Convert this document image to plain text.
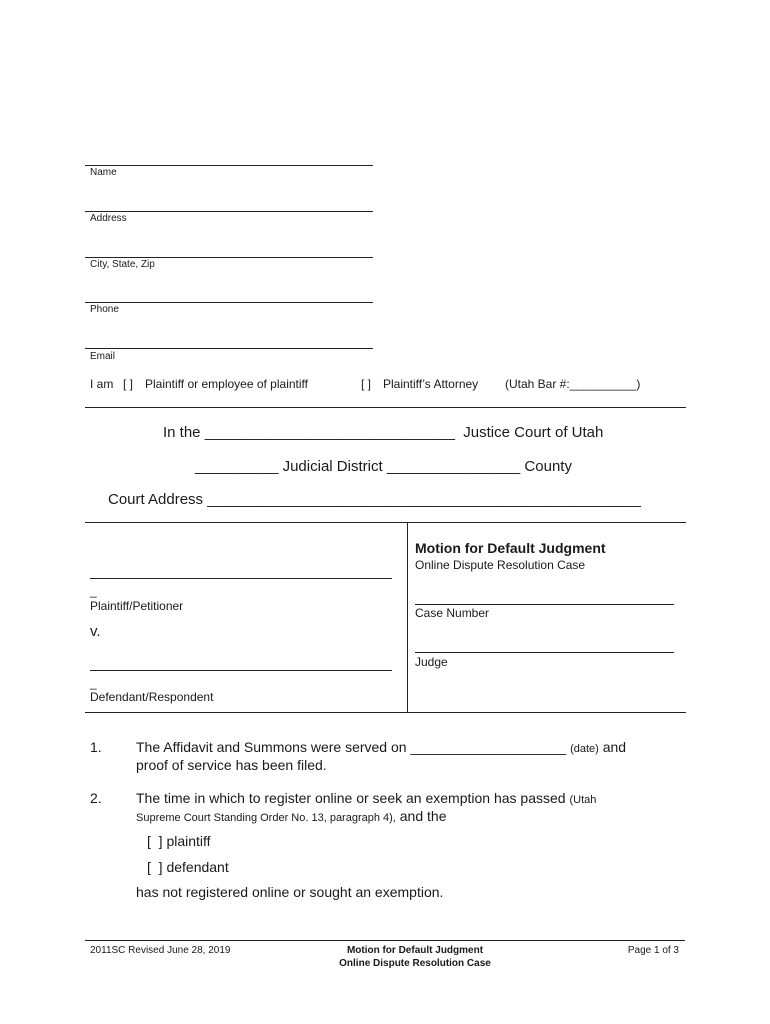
Name
Address
City, State, Zip
Phone
Email
I am [ ] Plaintiff or employee of plaintiff	[ ] Plaintiff’s Attorney (Utah Bar #:__________)
In the ______________________________  Justice Court of Utah
__________ Judicial District ________________ County
Court Address ____________________________________________________
_
Plaintiff/Petitioner
v.
_
Defendant/Respondent
Motion for Default Judgment
Online Dispute Resolution Case
Case Number
Judge
1. The Affidavit and Summons were served on ____________________ (date) and
proof of service has been filed.
2. The time in which to register online or seek an exemption has passed (Utah
Supreme Court Standing Order No. 13, paragraph 4), and the
[  ] plaintiff
[  ] defendant
has not registered online or sought an exemption.
2011SC Revised June 28, 2019	Motion for Default Judgment
Online Dispute Resolution Case
Page 1 of 3
